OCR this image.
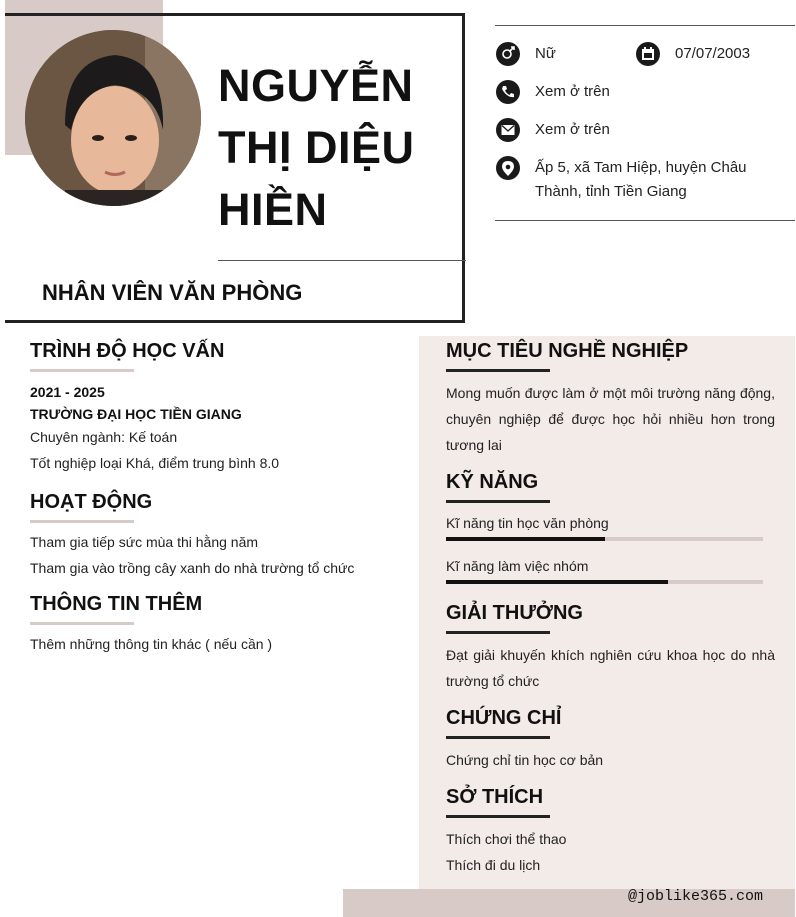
NGUYỄN
THỊ DIỆU
HIỀN
NHÂN VIÊN VĂN PHÒNG
Nữ	07/07/2003
Xem ở trên
Xem ở trên
Ấp 5, xã Tam Hiệp, huyện Châu Thành, tỉnh Tiền Giang
TRÌNH ĐỘ HỌC VẤN
2021 - 2025
TRƯỜNG ĐẠI HỌC TIỀN GIANG
Chuyên ngành: Kế toán
Tốt nghiệp loại Khá, điểm trung bình 8.0
HOẠT ĐỘNG
Tham gia tiếp sức mùa thi hằng năm
Tham gia vào trồng cây xanh do nhà trường tổ chức
THÔNG TIN THÊM
Thêm những thông tin khác ( nếu cần )
MỤC TIÊU NGHỀ NGHIỆP
Mong muốn được làm ở một môi trường năng động, chuyên nghiệp để được học hỏi nhiều hơn trong tương lai
KỸ NĂNG
Kĩ năng tin học văn phòng
Kĩ năng làm việc nhóm
GIẢI THƯỞNG
Đạt giải khuyến khích nghiên cứu khoa học do nhà trường tổ chức
CHỨNG CHỈ
Chứng chỉ tin học cơ bản
SỞ THÍCH
Thích chơi thể thao
Thích đi du lịch
@joblike365.com
